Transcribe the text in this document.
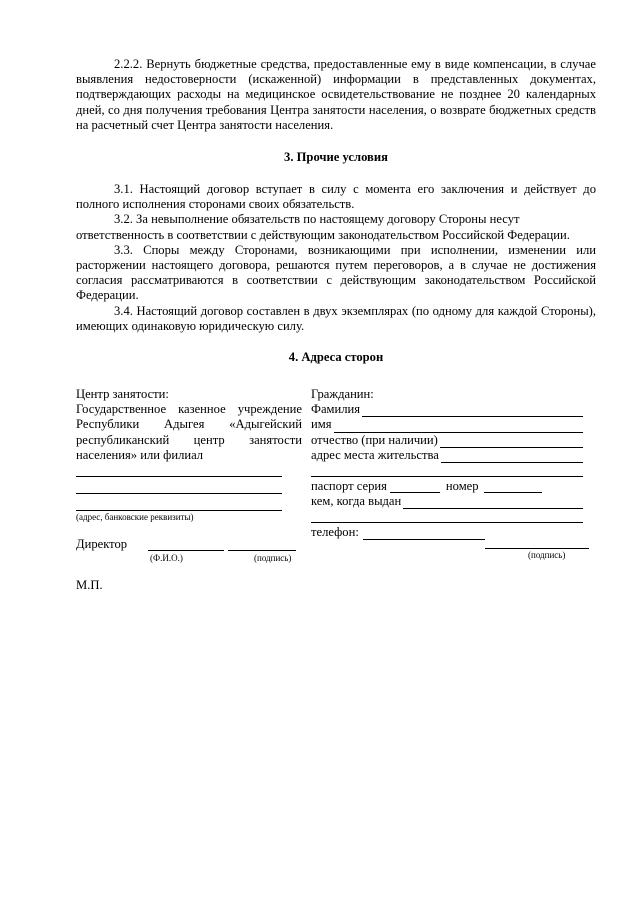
2.2.2. Вернуть бюджетные средства, предоставленные ему в виде компенсации, в случае выявления недостоверности (искаженной) информации в представленных документах, подтверждающих расходы на медицинское освидетельствование не позднее 20 календарных дней, со дня получения требования Центра занятости населения, о возврате бюджетных средств на расчетный счет Центра занятости населения.

3. Прочие условия

3.1. Настоящий договор вступает в силу с момента его заключения и действует до полного исполнения сторонами своих обязательств.

3.2. За невыполнение обязательств по настоящему договору Стороны несут ответственность в соответствии с действующим законодательством Российской Федерации.

3.3. Споры между Сторонами, возникающими при исполнении, изменении или расторжении настоящего договора, решаются путем переговоров, а в случае не достижения согласия рассматриваются в соответствии с действующим законодательством Российской Федерации.

3.4. Настоящий договор составлен в двух экземплярах (по одному для каждой Стороны), имеющих одинаковую юридическую силу.

4. Адреса сторон

Центр занятости:
Государственное казенное учреждение Республики Адыгея «Адыгейский республиканский центр занятости населения» или филиал
(адрес, банковские реквизиты)
Директор
(Ф.И.О.)	(подпись)
М.П.
Гражданин:
Фамилия
имя
отчество (при наличии)
адрес места жительства
паспорт серия	номер
кем, когда выдан
телефон:
(подпись)
